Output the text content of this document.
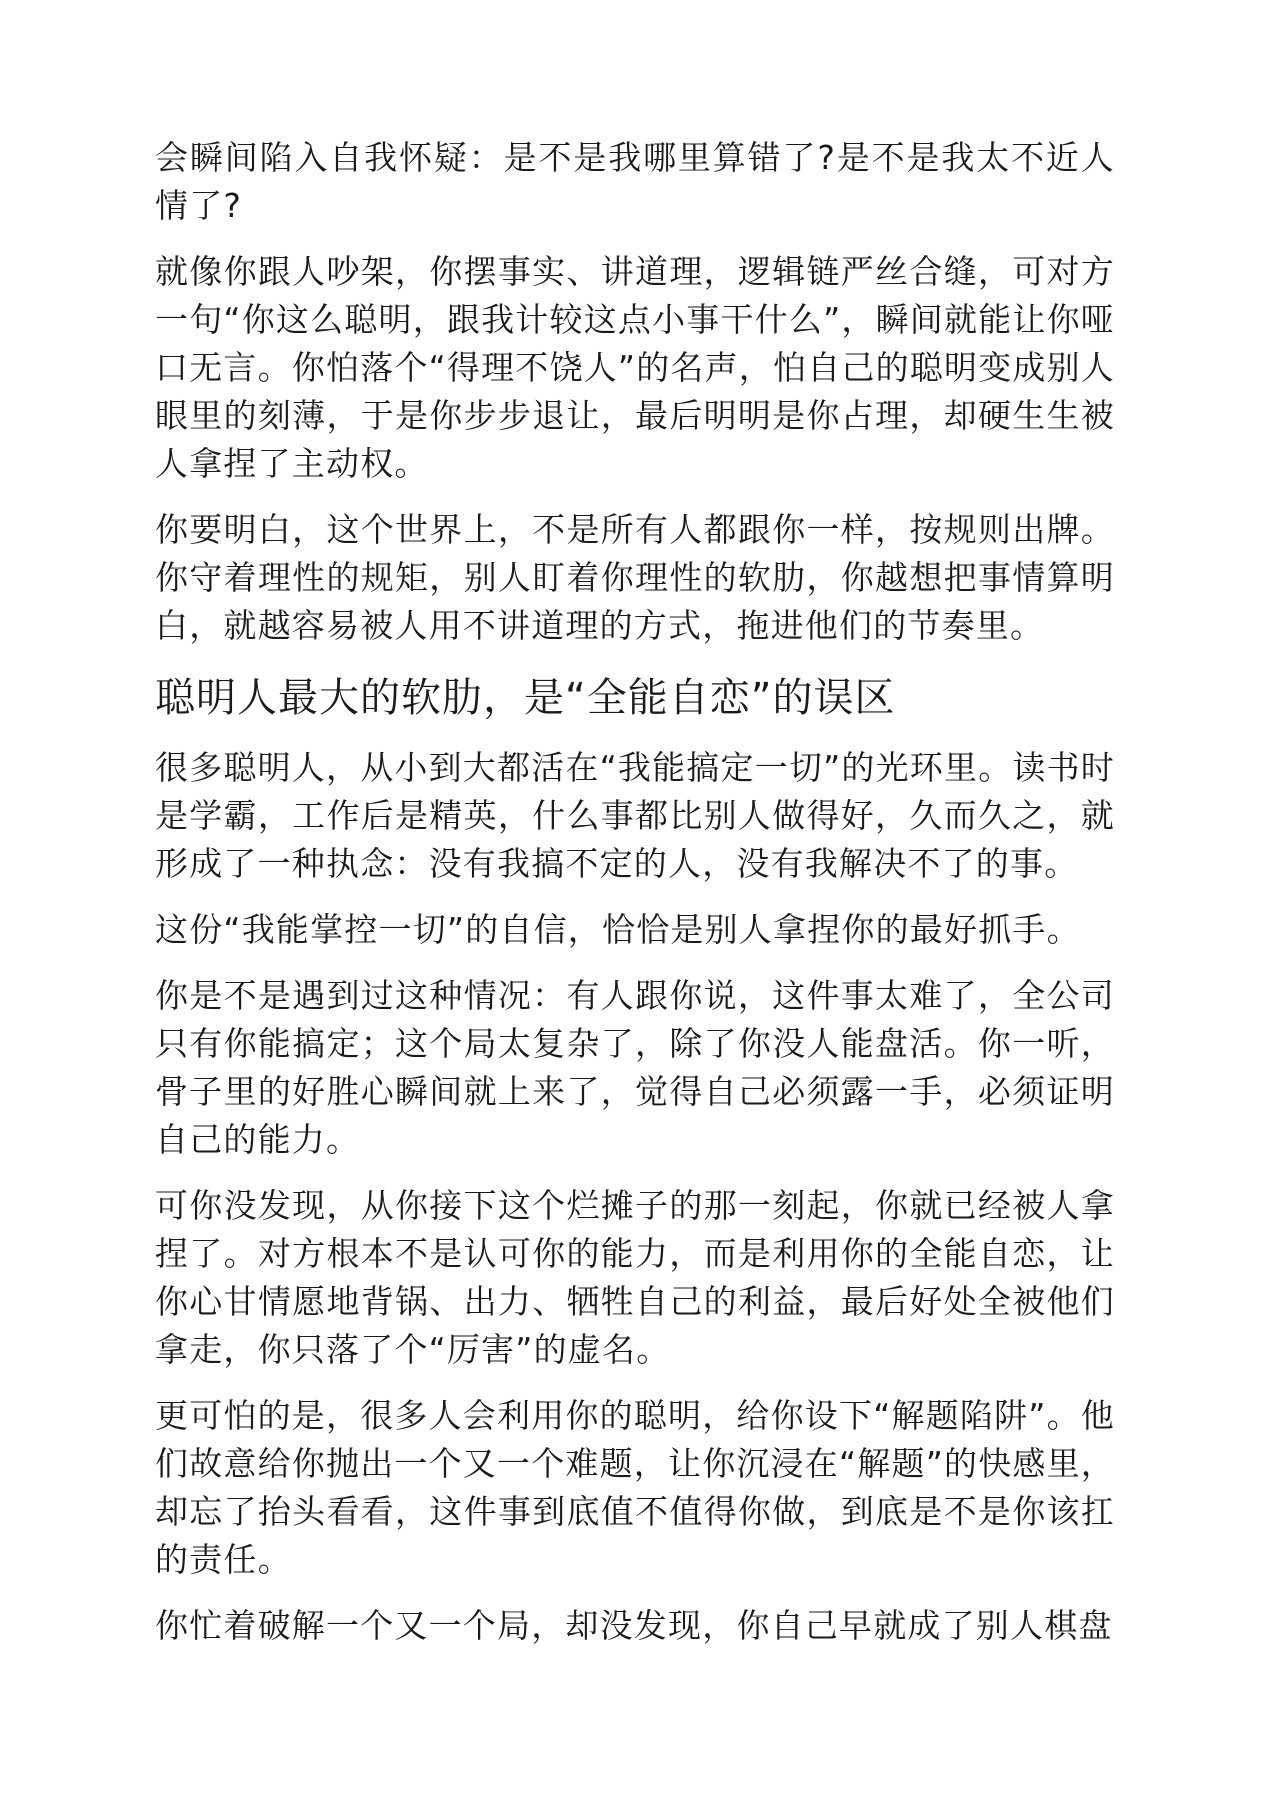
会瞬间陷入自我怀疑：是不是我哪里算错了?是不是我太不近人情了?

就像你跟人吵架，你摆事实、讲道理，逻辑链严丝合缝，可对方一句“你这么聪明，跟我计较这点小事干什么”，瞬间就能让你哑口无言。你怕落个“得理不饶人”的名声，怕自己的聪明变成别人眼里的刻薄，于是你步步退让，最后明明是你占理，却硬生生被人拿捏了主动权。

你要明白，这个世界上，不是所有人都跟你一样，按规则出牌。你守着理性的规矩，别人盯着你理性的软肋，你越想把事情算明白，就越容易被人用不讲道理的方式，拖进他们的节奏里。

聪明人最大的软肋，是“全能自恋”的误区

很多聪明人，从小到大都活在“我能搞定一切”的光环里。读书时是学霸，工作后是精英，什么事都比别人做得好，久而久之，就形成了一种执念：没有我搞不定的人，没有我解决不了的事。

这份“我能掌控一切”的自信，恰恰是别人拿捏你的最好抓手。

你是不是遇到过这种情况：有人跟你说，这件事太难了，全公司只有你能搞定；这个局太复杂了，除了你没人能盘活。你一听，骨子里的好胜心瞬间就上来了，觉得自己必须露一手，必须证明自己的能力。

可你没发现，从你接下这个烂摊子的那一刻起，你就已经被人拿捏了。对方根本不是认可你的能力，而是利用你的全能自恋，让你心甘情愿地背锅、出力、牺牲自己的利益，最后好处全被他们拿走，你只落了个“厉害”的虚名。

更可怕的是，很多人会利用你的聪明，给你设下“解题陷阱”。他们故意给你抛出一个又一个难题，让你沉浸在“解题”的快感里，却忘了抬头看看，这件事到底值不值得你做，到底是不是你该扛的责任。

你忙着破解一个又一个局，却没发现，你自己早就成了别人棋盘
